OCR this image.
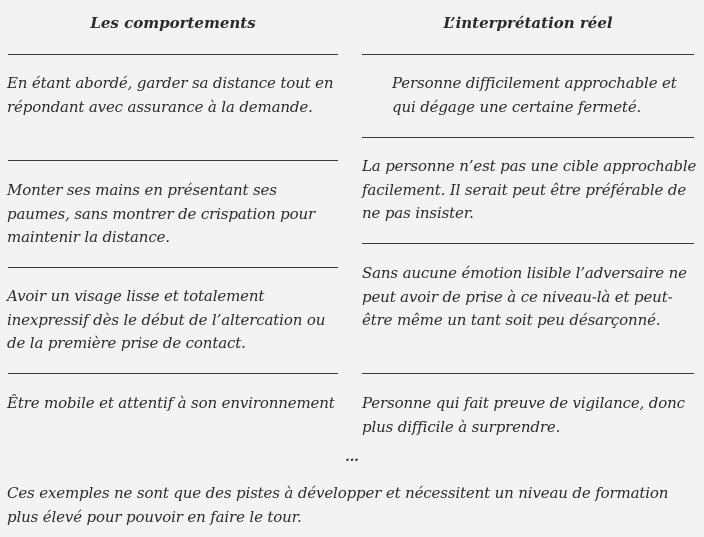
Les comportements	L’interprétation réel
En étant abordé, garder sa distance tout en répondant avec assurance à la demande.
Personne difficilement approchable et qui dégage une certaine fermeté.
Monter ses mains en présentant ses paumes, sans montrer de crispation pour maintenir la distance.
La personne n’est pas une cible approchable facilement. Il serait peut être préférable de ne pas insister.
Avoir un visage lisse et totalement inexpressif dès le début de l’altercation ou de la première prise de contact.
Sans aucune émotion lisible l’adversaire ne peut avoir de prise à ce niveau-là et peut-être même un tant soit peu désarçonné.
Être mobile et attentif à son environnement	Personne qui fait preuve de vigilance, donc plus difficile à surprendre.
...
Ces exemples ne sont que des pistes à développer et nécessitent un niveau de formation plus élevé pour pouvoir en faire le tour.
